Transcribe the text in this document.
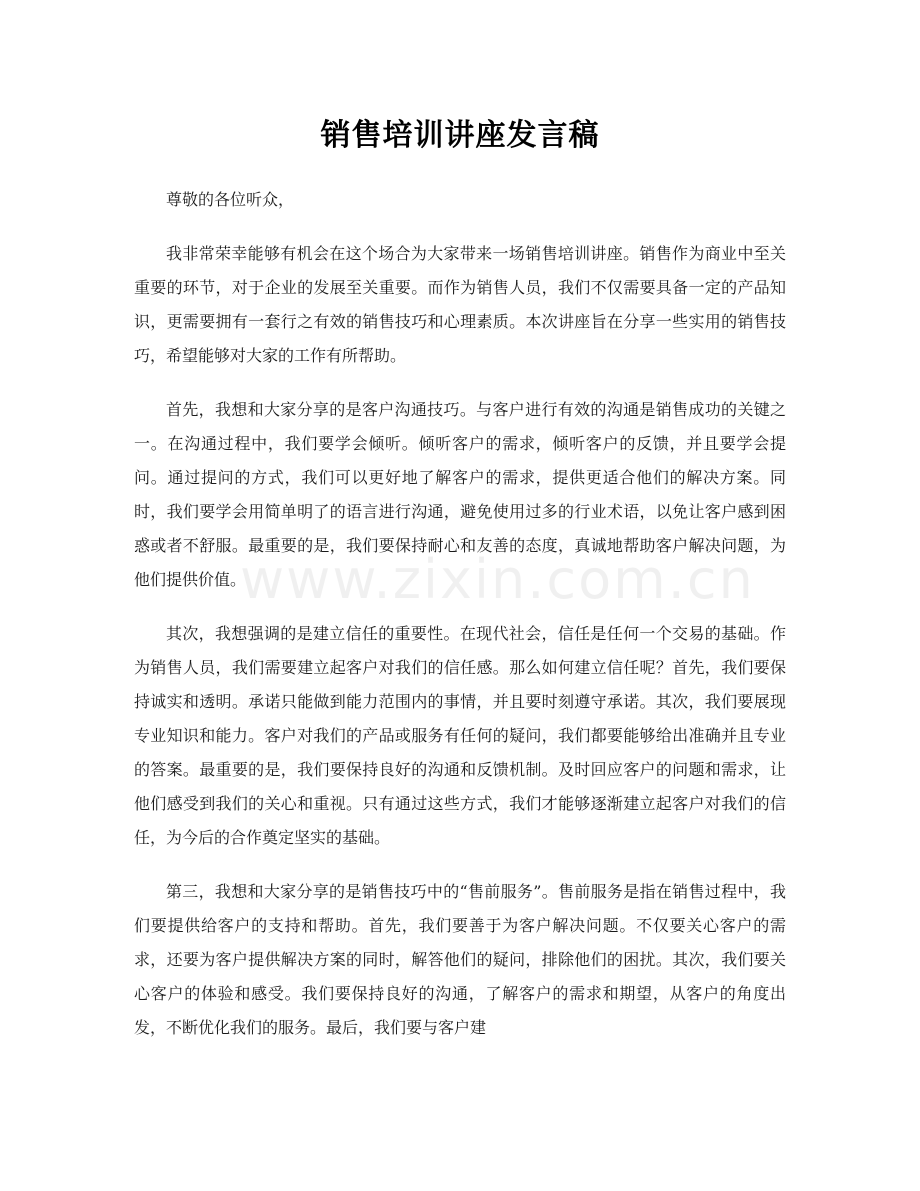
销售培训讲座发言稿

尊敬的各位听众，

我非常荣幸能够有机会在这个场合为大家带来一场销售培训讲座。销售作为商业中至关重要的环节，对于企业的发展至关重要。而作为销售人员，我们不仅需要具备一定的产品知识，更需要拥有一套行之有效的销售技巧和心理素质。本次讲座旨在分享一些实用的销售技巧，希望能够对大家的工作有所帮助。

首先，我想和大家分享的是客户沟通技巧。与客户进行有效的沟通是销售成功的关键之一。在沟通过程中，我们要学会倾听。倾听客户的需求，倾听客户的反馈，并且要学会提问。通过提问的方式，我们可以更好地了解客户的需求，提供更适合他们的解决方案。同时，我们要学会用简单明了的语言进行沟通，避免使用过多的行业术语，以免让客户感到困惑或者不舒服。最重要的是，我们要保持耐心和友善的态度，真诚地帮助客户解决问题，为他们提供价值。

其次，我想强调的是建立信任的重要性。在现代社会，信任是任何一个交易的基础。作为销售人员，我们需要建立起客户对我们的信任感。那么如何建立信任呢？首先，我们要保持诚实和透明。承诺只能做到能力范围内的事情，并且要时刻遵守承诺。其次，我们要展现专业知识和能力。客户对我们的产品或服务有任何的疑问，我们都要能够给出准确并且专业的答案。最重要的是，我们要保持良好的沟通和反馈机制。及时回应客户的问题和需求，让他们感受到我们的关心和重视。只有通过这些方式，我们才能够逐渐建立起客户对我们的信任，为今后的合作奠定坚实的基础。

第三，我想和大家分享的是销售技巧中的“售前服务”。售前服务是指在销售过程中，我们要提供给客户的支持和帮助。首先，我们要善于为客户解决问题。不仅要关心客户的需求，还要为客户提供解决方案的同时，解答他们的疑问，排除他们的困扰。其次，我们要关心客户的体验和感受。我们要保持良好的沟通，了解客户的需求和期望，从客户的角度出发，不断优化我们的服务。最后，我们要与客户建

www.zixin.com.cn
